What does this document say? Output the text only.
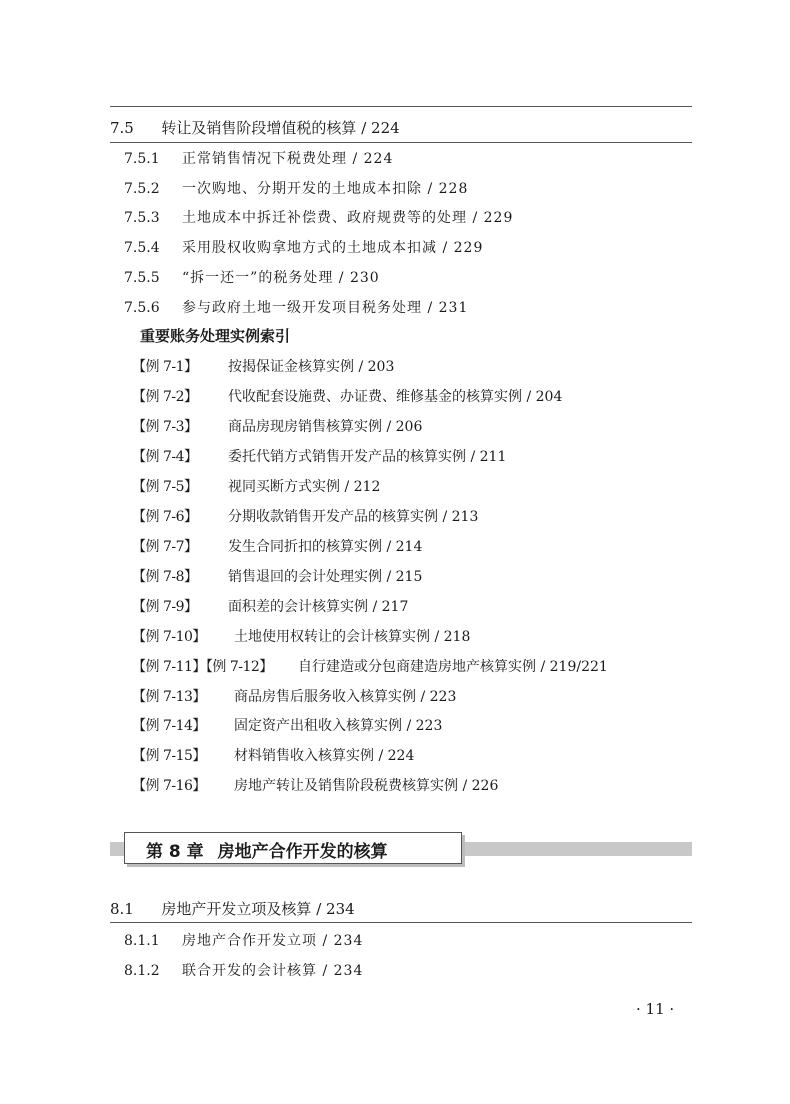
7.5 转让及销售阶段增值税的核算 / 224
7.5.1 正常销售情况下税费处理 / 224
7.5.2 一次购地、分期开发的土地成本扣除 / 228
7.5.3 土地成本中拆迁补偿费、政府规费等的处理 / 229
7.5.4 采用股权收购拿地方式的土地成本扣减 / 229
7.5.5 “拆一还一”的税务处理 / 230
7.5.6 参与政府土地一级开发项目税务处理 / 231
重要账务处理实例索引
【例 7-1】 按揭保证金核算实例 / 203
【例 7-2】 代收配套设施费、办证费、维修基金的核算实例 / 204
【例 7-3】 商品房现房销售核算实例 / 206
【例 7-4】 委托代销方式销售开发产品的核算实例 / 211
【例 7-5】 视同买断方式实例 / 212
【例 7-6】 分期收款销售开发产品的核算实例 / 213
【例 7-7】 发生合同折扣的核算实例 / 214
【例 7-8】 销售退回的会计处理实例 / 215
【例 7-9】 面积差的会计核算实例 / 217
【例 7-10】 土地使用权转让的会计核算实例 / 218
【例 7-11】【例 7-12】 自行建造或分包商建造房地产核算实例 / 219/221
【例 7-13】 商品房售后服务收入核算实例 / 223
【例 7-14】 固定资产出租收入核算实例 / 223
【例 7-15】 材料销售收入核算实例 / 224
【例 7-16】 房地产转让及销售阶段税费核算实例 / 226
第 8 章 房地产合作开发的核算
8.1 房地产开发立项及核算 / 234
8.1.1 房地产合作开发立项 / 234
8.1.2 联合开发的会计核算 / 234
· 11 ·
